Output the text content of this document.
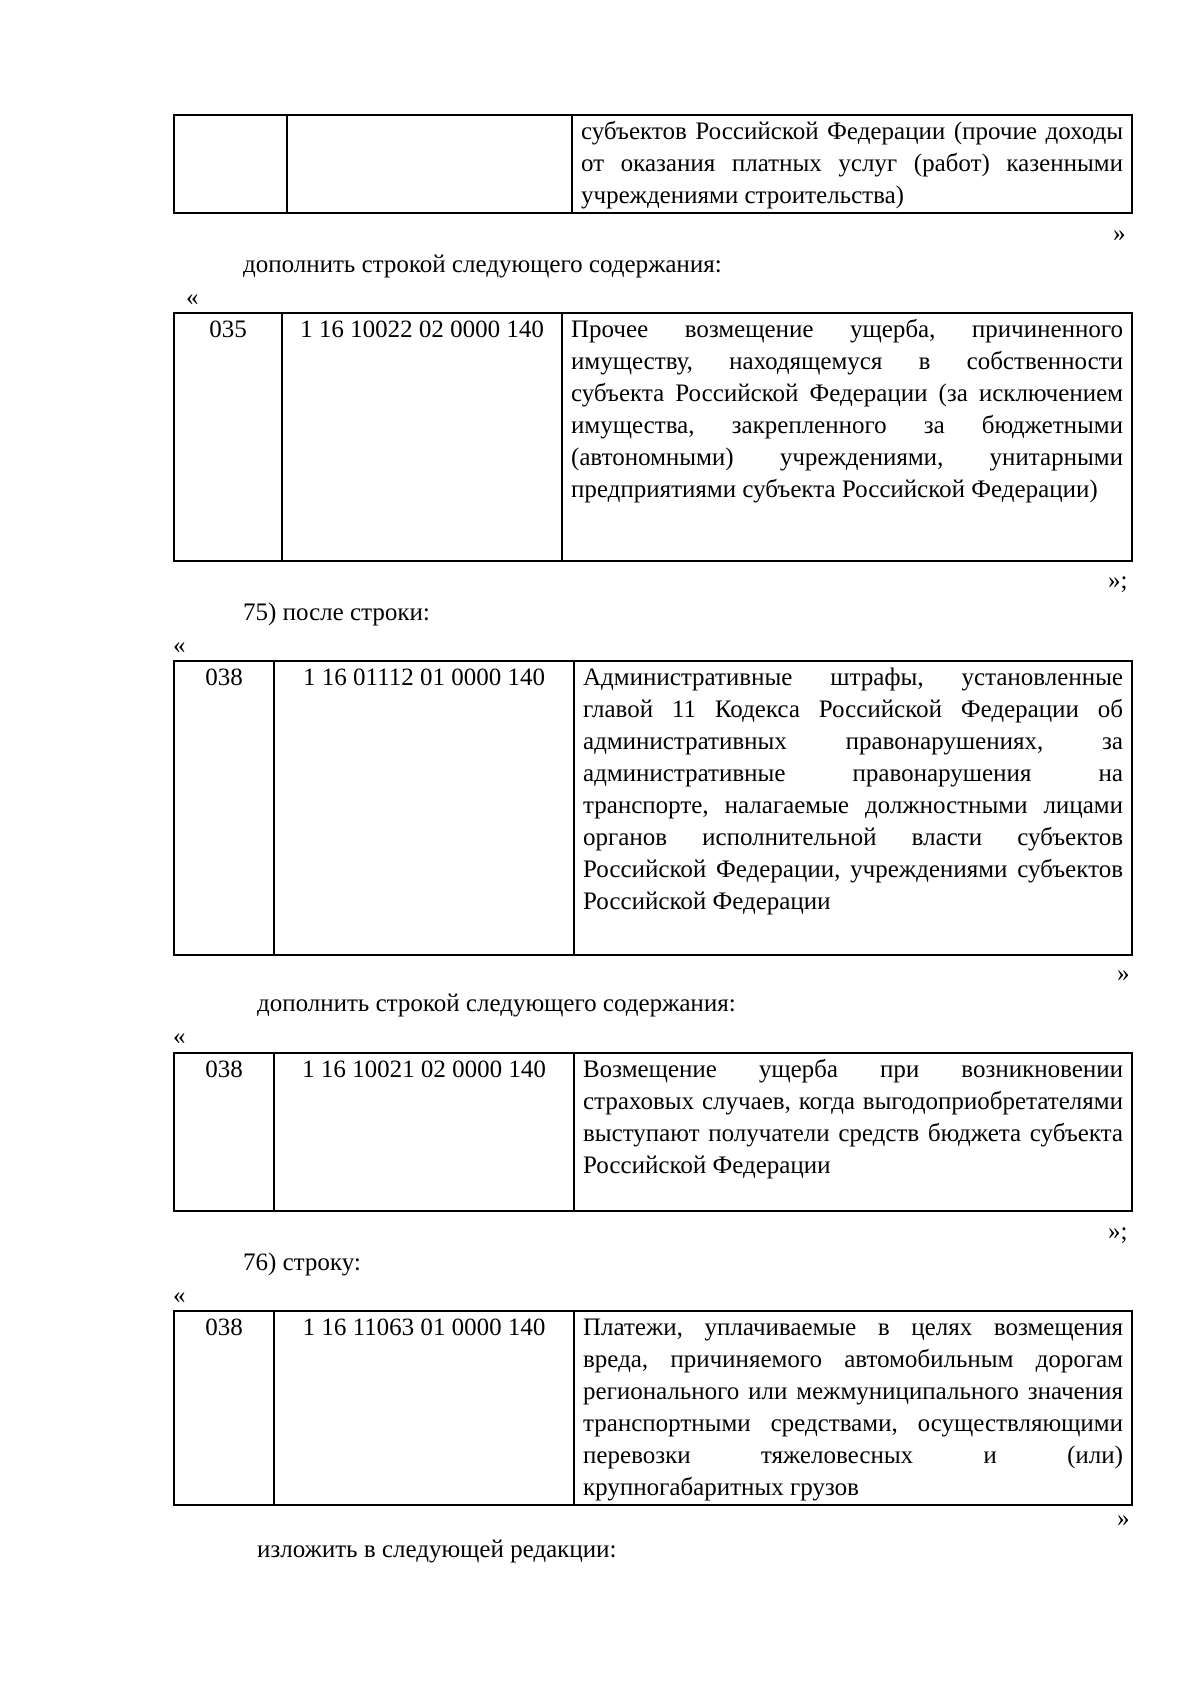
		субъектов Российской Федерации (прочие доходы от оказания платных услуг (работ) казенными учреждениями строительства)
»
дополнить строкой следующего содержания:
«
035	1 16 10022 02 0000 140	Прочее возмещение ущерба, причиненного имуществу, находящемуся в собственности субъекта Российской Федерации (за исключением имущества, закрепленного за бюджетными (автономными) учреждениями, унитарными предприятиями субъекта Российской Федерации)
»;
75) после строки:
«
038	1 16 01112 01 0000 140	Административные штрафы, установленные главой 11 Кодекса Российской Федерации об административных правонарушениях, за административные правонарушения на транспорте, налагаемые должностными лицами органов исполнительной власти субъектов Российской Федерации, учреждениями субъектов Российской Федерации
»
дополнить строкой следующего содержания:
«
038	1 16 10021 02 0000 140	Возмещение ущерба при возникновении страховых случаев, когда выгодоприобретателями выступают получатели средств бюджета субъекта Российской Федерации
»;
76) строку:
«
038	1 16 11063 01 0000 140	Платежи, уплачиваемые в целях возмещения вреда, причиняемого автомобильным дорогам регионального или межмуниципального значения транспортными средствами, осуществляющими перевозки тяжеловесных и (или) крупногабаритных грузов
»
изложить в следующей редакции:
